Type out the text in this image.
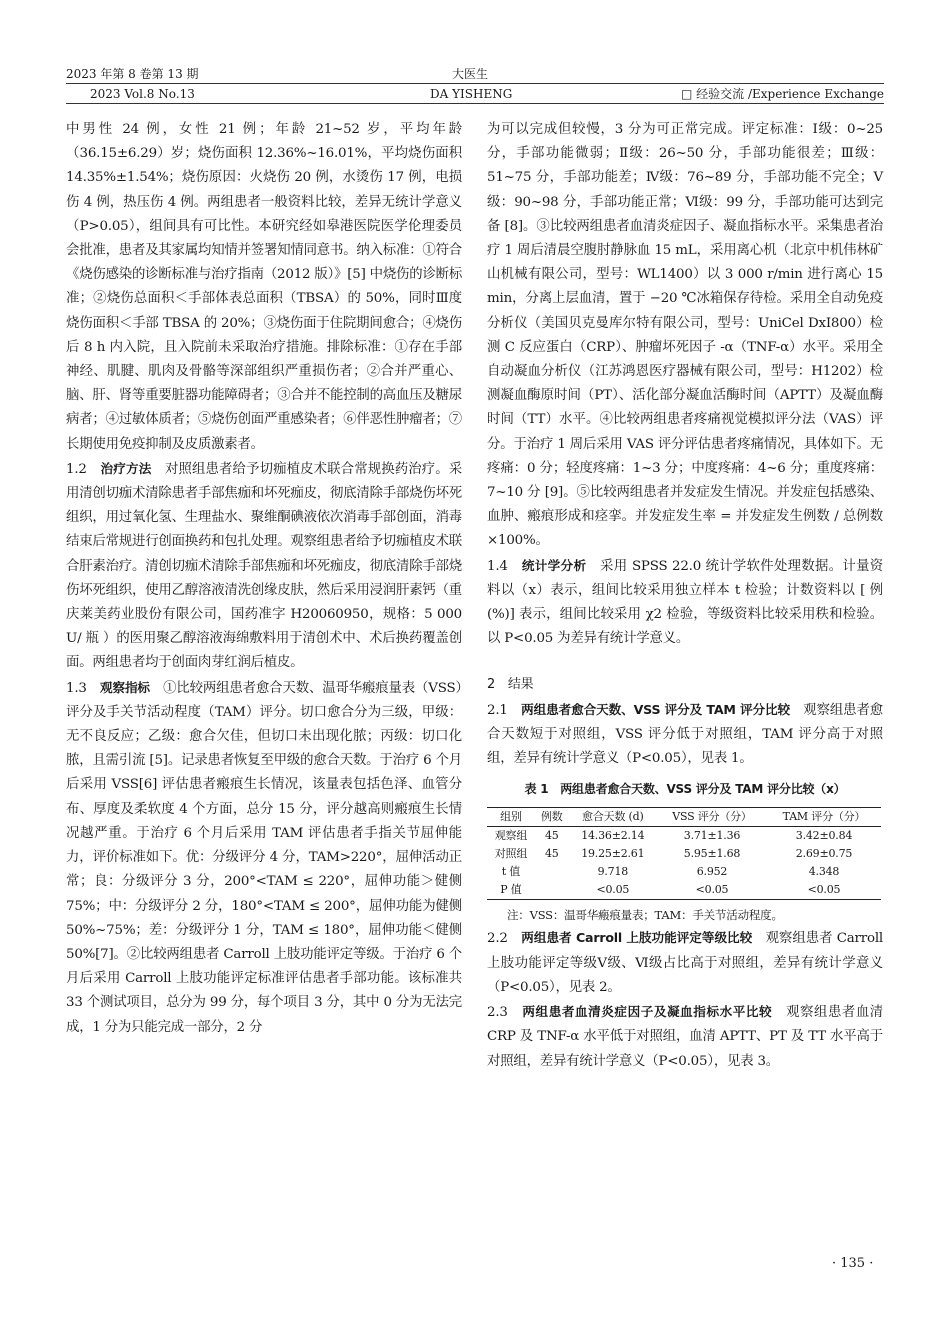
2023 年第 8 卷第 13 期	大医生
2023 Vol.8 No.13	DA YISHENG	□ 经验交流 /Experience Exchange

中男性 24 例，女性 21 例；年龄 21~52 岁，平均年龄（36.15±6.29）岁；烧伤面积 12.36%~16.01%，平均烧伤面积 14.35%±1.54%；烧伤原因：火烧伤 20 例，水烫伤 17 例，电损伤 4 例，热压伤 4 例。两组患者一般资料比较，差异无统计学意义（P>0.05），组间具有可比性。本研究经如皋港医院医学伦理委员会批准，患者及其家属均知情并签署知情同意书。纳入标准：①符合《烧伤感染的诊断标准与治疗指南（2012 版）》[5] 中烧伤的诊断标准；②烧伤总面积＜手部体表总面积（TBSA）的 50%，同时Ⅲ度烧伤面积＜手部 TBSA 的 20%；③烧伤面于住院期间愈合；④烧伤后 8 h 内入院，且入院前未采取治疗措施。排除标准：①存在手部神经、肌腱、肌肉及骨骼等深部组织严重损伤者；②合并严重心、脑、肝、肾等重要脏器功能障碍者；③合并不能控制的高血压及糖尿病者；④过敏体质者；⑤烧伤创面严重感染者；⑥伴恶性肿瘤者；⑦长期使用免疫抑制及皮质激素者。

1.2　 治疗方法　 对照组患者给予切痂植皮术联合常规换药治疗。采用清创切痂术清除患者手部焦痂和坏死痂皮，彻底清除手部烧伤坏死组织，用过氧化氢、生理盐水、聚维酮碘液依次消毒手部创面，消毒结束后常规进行创面换药和包扎处理。观察组患者给予切痂植皮术联合肝素治疗。清创切痂术清除手部焦痂和坏死痂皮，彻底清除手部烧伤坏死组织，使用乙醇溶液清洗创缘皮肤，然后采用浸润肝素钙（重庆莱美药业股份有限公司，国药准字 H20060950，规格：5 000 U/ 瓶 ）的医用聚乙醇溶液海绵敷料用于清创术中、术后换药覆盖创面。两组患者均于创面肉芽红润后植皮。

1.3　 观察指标　 ①比较两组患者愈合天数、温哥华瘢痕量表（VSS）评分及手关节活动程度（TAM）评分。切口愈合分为三级，甲级：无不良反应；乙级：愈合欠佳，但切口未出现化脓；丙级：切口化脓，且需引流 [5]。记录患者恢复至甲级的愈合天数。于治疗 6 个月后采用 VSS[6] 评估患者瘢痕生长情况，该量表包括色泽、血管分布、厚度及柔软度 4 个方面，总分 15 分，评分越高则瘢痕生长情况越严重。于治疗 6 个月后采用 TAM 评估患者手指关节屈伸能力，评价标准如下。优：分级评分 4 分，TAM>220°，屈伸活动正常；良：分级评分 3 分，200°<TAM ≤ 220°，屈伸功能＞健侧 75%；中：分级评分 2 分，180°<TAM ≤ 200°，屈伸功能为健侧 50%~75%；差：分级评分 1 分，TAM ≤ 180°，屈伸功能＜健侧 50%[7]。②比较两组患者 Carroll 上肢功能评定等级。于治疗 6 个月后采用 Carroll 上肢功能评定标准评估患者手部功能。该标准共 33 个测试项目，总分为 99 分，每个项目 3 分，其中 0 分为无法完成，1 分为只能完成一部分，2 分

为可以完成但较慢，3 分为可正常完成。评定标准：Ⅰ级：0~25 分，手部功能微弱；Ⅱ级：26~50 分，手部功能很差；Ⅲ级：51~75 分，手部功能差；Ⅳ级：76~89 分，手部功能不完全；Ⅴ级：90~98 分，手部功能正常；Ⅵ级：99 分，手部功能可达到完备 [8]。③比较两组患者血清炎症因子、凝血指标水平。采集患者治疗 1 周后清晨空腹肘静脉血 15 mL，采用离心机（北京中机伟林矿山机械有限公司，型号：WL1400）以 3 000 r/min 进行离心 15 min，分离上层血清，置于 −20 ℃冰箱保存待检。采用全自动免疫分析仪（美国贝克曼库尔特有限公司，型号：UniCel DxI800）检测 C 反应蛋白（CRP）、肿瘤坏死因子 -α（TNF-α）水平。采用全自动凝血分析仪（江苏鸿恩医疗器械有限公司，型号：H1202）检测凝血酶原时间（PT）、活化部分凝血活酶时间（APTT）及凝血酶时间（TT）水平。④比较两组患者疼痛视觉模拟评分法（VAS）评分。于治疗 1 周后采用 VAS 评分评估患者疼痛情况，具体如下。无疼痛：0 分；轻度疼痛：1~3 分；中度疼痛：4~6 分；重度疼痛：7~10 分 [9]。⑤比较两组患者并发症发生情况。并发症包括感染、血肿、瘢痕形成和痉挛。并发症发生率 = 并发症发生例数 / 总例数 ×100%。

1.4　 统计学分析　 采用 SPSS 22.0 统计学软件处理数据。计量资料以（x）表示，组间比较采用独立样本 t 检验；计数资料以 [ 例 (%)] 表示，组间比较采用 χ2 检验，等级资料比较采用秩和检验。以 P<0.05 为差异有统计学意义。

2　结果

2.1　 两组患者愈合天数、VSS 评分及 TAM 评分比较　 观察组患者愈合天数短于对照组，VSS 评分低于对照组，TAM 评分高于对照组，差异有统计学意义（P<0.05），见表 1。

表 1　两组患者愈合天数、VSS 评分及 TAM 评分比较（x）
组别	例数	愈合天数 (d)	VSS 评分（分）	TAM 评分（分）
观察组	45	14.36±2.14	3.71±1.36	3.42±0.84
对照组	45	19.25±2.61	5.95±1.68	2.69±0.75
t 值		9.718	6.952	4.348
P 值		<0.05	<0.05	<0.05
注：VSS：温哥华瘢痕量表；TAM：手关节活动程度。

2.2　 两组患者 Carroll 上肢功能评定等级比较　 观察组患者 Carroll 上肢功能评定等级Ⅴ级、Ⅵ级占比高于对照组，差异有统计学意义（P<0.05），见表 2。

2.3　 两组患者血清炎症因子及凝血指标水平比较　 观察组患者血清 CRP 及 TNF-α 水平低于对照组，血清 APTT、PT 及 TT 水平高于对照组，差异有统计学意义（P<0.05），见表 3。

· 135 ·
